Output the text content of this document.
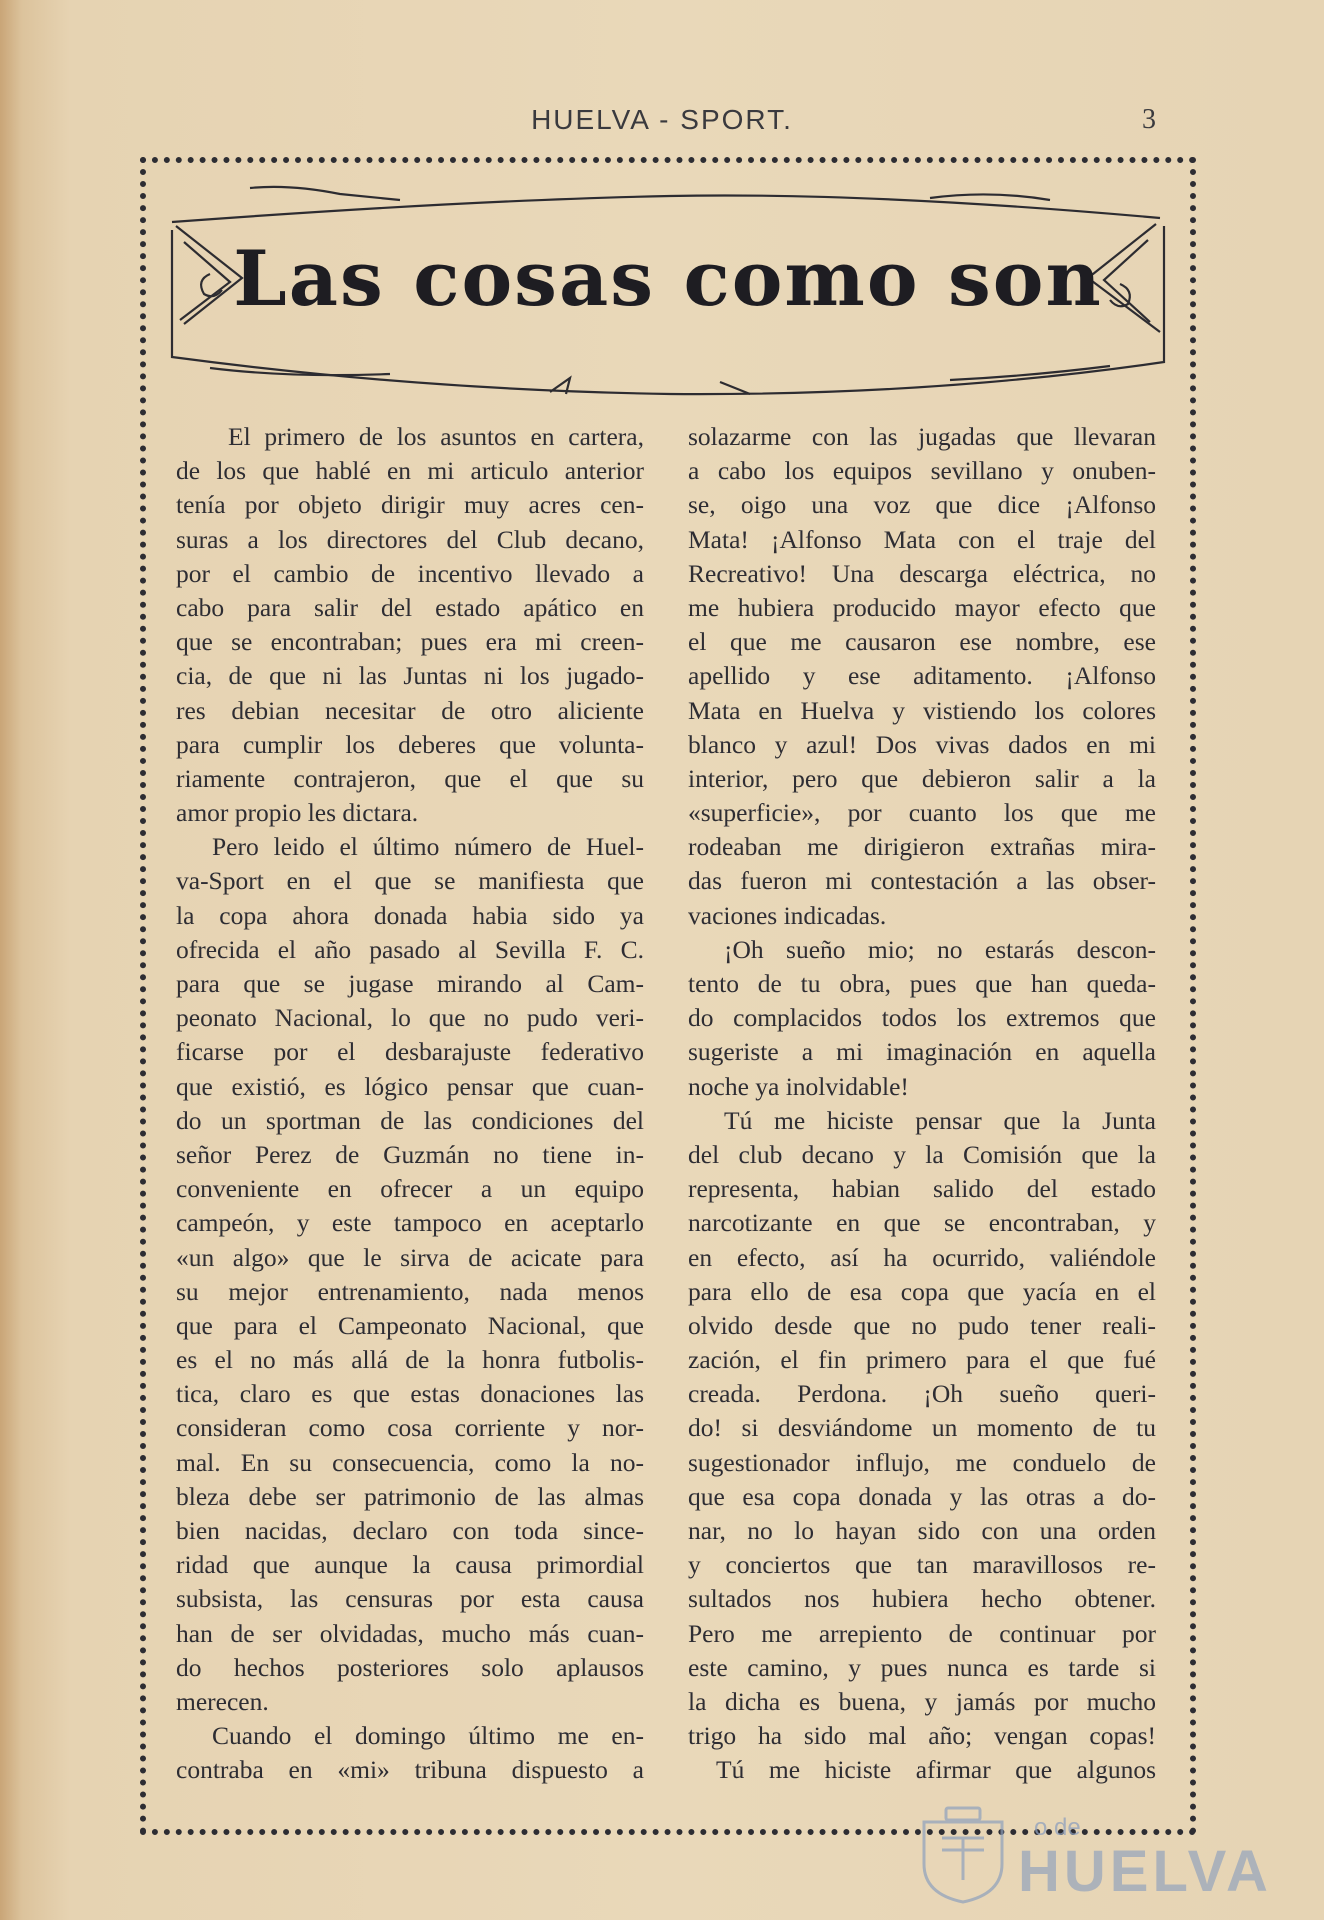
HUELVA - SPORT.	3
Las cosas como son
El primero de los asuntos en cartera,
de los que hablé en mi articulo anterior
tenía por objeto dirigir muy acres cen-
suras a los directores del Club decano,
por el cambio de incentivo llevado a
cabo para salir del estado apático en
que se encontraban; pues era mi creen-
cia, de que ni las Juntas ni los jugado-
res debian necesitar de otro aliciente
para cumplir los deberes que volunta-
riamente contrajeron, que el que su
amor propio les dictara.
Pero leido el último número de Huel-
va-Sport en el que se manifiesta que
la copa ahora donada habia sido ya
ofrecida el año pasado al Sevilla F. C.
para que se jugase mirando al Cam-
peonato Nacional, lo que no pudo veri-
ficarse por el desbarajuste federativo
que existió, es lógico pensar que cuan-
do un sportman de las condiciones del
señor Perez de Guzmán no tiene in-
conveniente en ofrecer a un equipo
campeón, y este tampoco en aceptarlo
«un algo» que le sirva de acicate para
su mejor entrenamiento, nada menos
que para el Campeonato Nacional, que
es el no más allá de la honra futbolis-
tica, claro es que estas donaciones las
consideran como cosa corriente y nor-
mal. En su consecuencia, como la no-
bleza debe ser patrimonio de las almas
bien nacidas, declaro con toda since-
ridad que aunque la causa primordial
subsista, las censuras por esta causa
han de ser olvidadas, mucho más cuan-
do hechos posteriores solo aplausos
merecen.
Cuando el domingo último me en-
contraba en «mi» tribuna dispuesto a
solazarme con las jugadas que llevaran
a cabo los equipos sevillano y onuben-
se, oigo una voz que dice ¡Alfonso
Mata! ¡Alfonso Mata con el traje del
Recreativo! Una descarga eléctrica, no
me hubiera producido mayor efecto que
el que me causaron ese nombre, ese
apellido y ese aditamento. ¡Alfonso
Mata en Huelva y vistiendo los colores
blanco y azul! Dos vivas dados en mi
interior, pero que debieron salir a la
«superficie», por cuanto los que me
rodeaban me dirigieron extrañas mira-
das fueron mi contestación a las obser-
vaciones indicadas.
¡Oh sueño mio; no estarás descon-
tento de tu obra, pues que han queda-
do complacidos todos los extremos que
sugeriste a mi imaginación en aquella
noche ya inolvidable!
Tú me hiciste pensar que la Junta
del club decano y la Comisión que la
representa, habian salido del estado
narcotizante en que se encontraban, y
en efecto, así ha ocurrido, valiéndole
para ello de esa copa que yacía en el
olvido desde que no pudo tener reali-
zación, el fin primero para el que fué
creada. Perdona. ¡Oh sueño queri-
do! si desviándome un momento de tu
sugestionador influjo, me conduelo de
que esa copa donada y las otras a do-
nar, no lo hayan sido con una orden
y conciertos que tan maravillosos re-
sultados nos hubiera hecho obtener.
Pero me arrepiento de continuar por
este camino, y pues nunca es tarde si
la dicha es buena, y jamás por mucho
trigo ha sido mal año; vengan copas!
Tú me hiciste afirmar que algunos
o de
HUELVA
